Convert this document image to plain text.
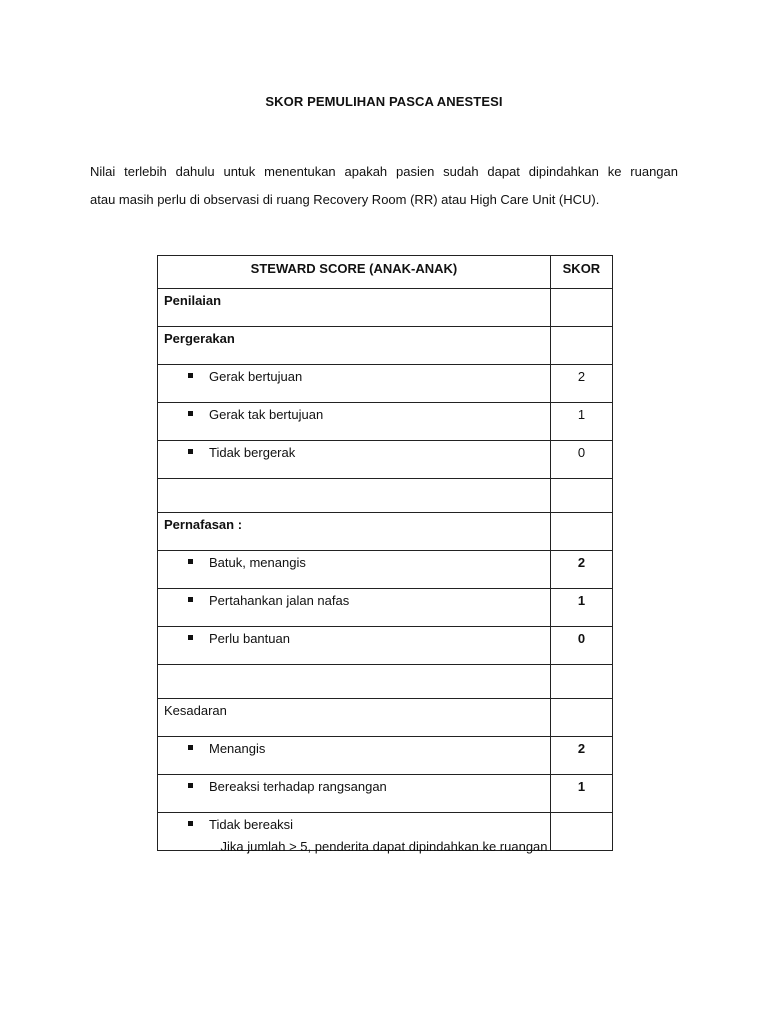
SKOR PEMULIHAN PASCA ANESTESI

Nilai terlebih dahulu untuk menentukan apakah pasien sudah dapat dipindahkan ke ruangan

atau masih perlu di observasi di ruang Recovery Room (RR) atau High Care Unit (HCU).

STEWARD SCORE (ANAK-ANAK)	SKOR
Penilaian	
Pergerakan	
Gerak bertujuan	2
Gerak tak bertujuan	1
Tidak bergerak	0

Pernafasan :	
Batuk, menangis	2
Pertahankan jalan nafas	1
Perlu bantuan	0

Kesadaran	
Menangis	2
Bereaksi terhadap rangsangan	1
Tidak bereaksi	
Jika jumlah > 5, penderita dapat dipindahkan ke ruangan
